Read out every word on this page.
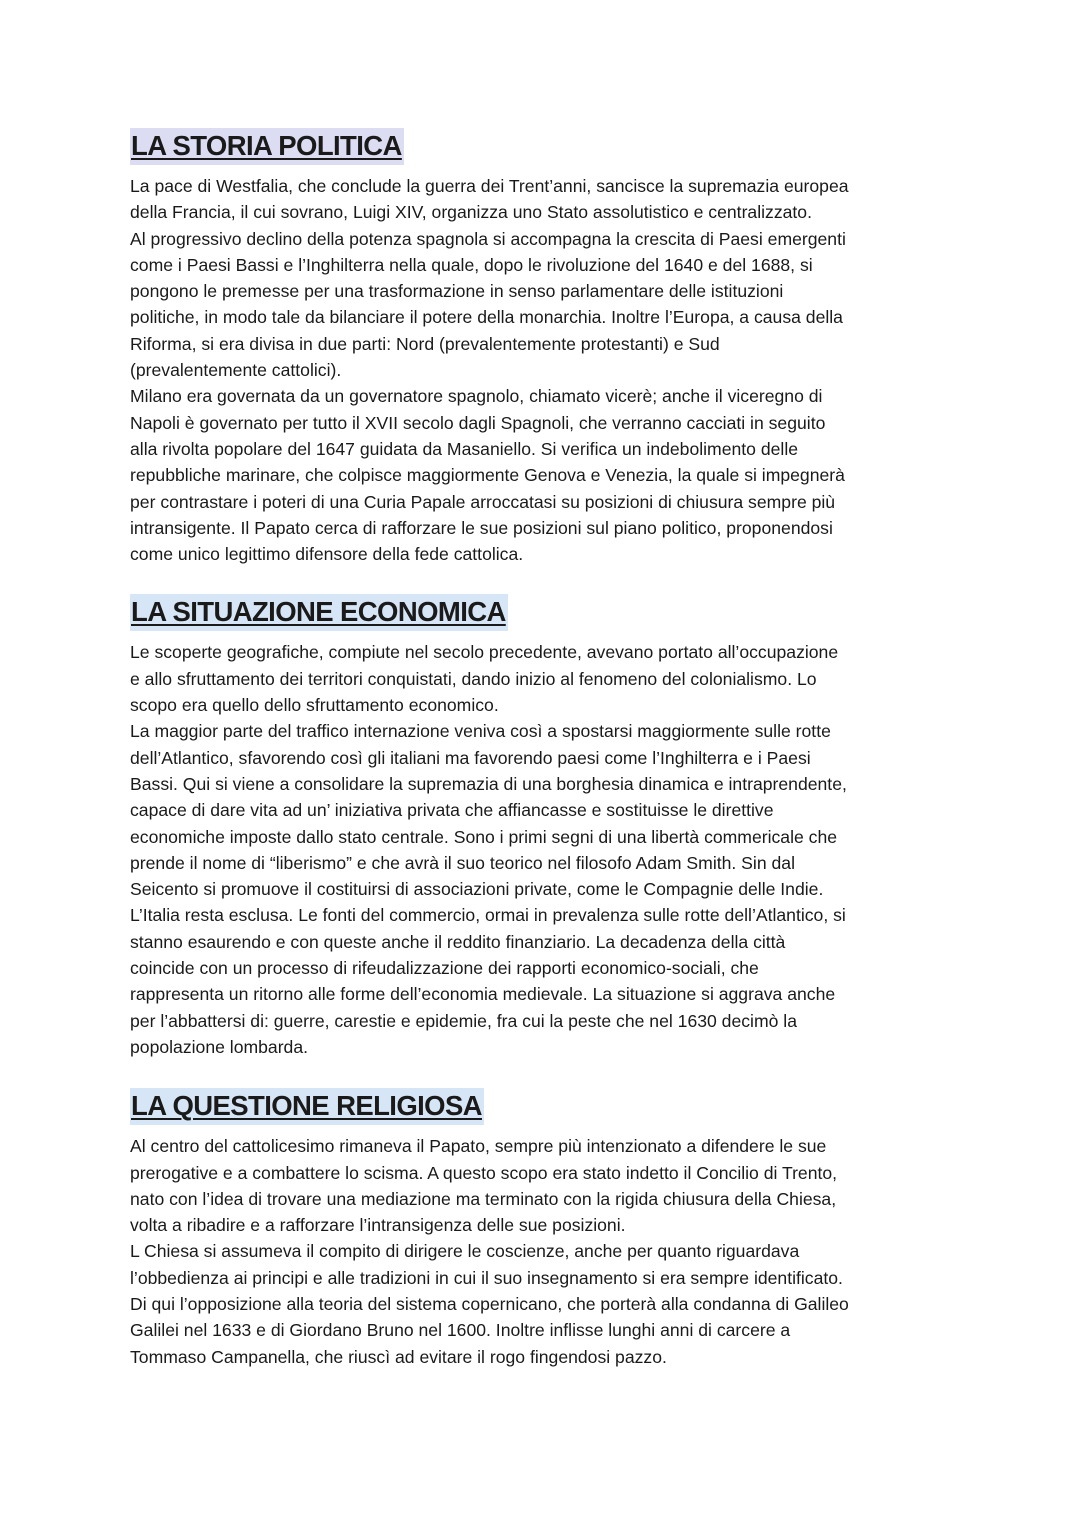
LA STORIA POLITICA
La pace di Westfalia, che conclude la guerra dei Trent’anni, sancisce la supremazia europea
della Francia, il cui sovrano, Luigi XIV, organizza uno Stato assolutistico e centralizzato.
Al progressivo declino della potenza spagnola si accompagna la crescita di Paesi emergenti
come i Paesi Bassi e l’Inghilterra nella quale, dopo le rivoluzione del 1640 e del 1688, si
pongono le premesse per una trasformazione in senso parlamentare delle istituzioni
politiche, in modo tale da bilanciare il potere della monarchia. Inoltre l’Europa, a causa della
Riforma, si era divisa in due parti: Nord (prevalentemente protestanti) e Sud
(prevalentemente cattolici).
Milano era governata da un governatore spagnolo, chiamato vicerè; anche il viceregno di
Napoli è governato per tutto il XVII secolo dagli Spagnoli, che verranno cacciati in seguito
alla rivolta popolare del 1647 guidata da Masaniello. Si verifica un indebolimento delle
repubbliche marinare, che colpisce maggiormente Genova e Venezia, la quale si impegnerà
per contrastare i poteri di una Curia Papale arroccatasi su posizioni di chiusura sempre più
intransigente. Il Papato cerca di rafforzare le sue posizioni sul piano politico, proponendosi
come unico legittimo difensore della fede cattolica.
LA SITUAZIONE ECONOMICA
Le scoperte geografiche, compiute nel secolo precedente, avevano portato all’occupazione
e allo sfruttamento dei territori conquistati, dando inizio al fenomeno del colonialismo. Lo
scopo era quello dello sfruttamento economico.
La maggior parte del traffico internazione veniva così a spostarsi maggiormente sulle rotte
dell’Atlantico, sfavorendo così gli italiani ma favorendo paesi come l’Inghilterra e i Paesi
Bassi. Qui si viene a consolidare la supremazia di una borghesia dinamica e intraprendente,
capace di dare vita ad un’ iniziativa privata che affiancasse e sostituisse le direttive
economiche imposte dallo stato centrale. Sono i primi segni di una libertà commericale che
prende il nome di “liberismo” e che avrà il suo teorico nel filosofo Adam Smith. Sin dal
Seicento si promuove il costituirsi di associazioni private, come le Compagnie delle Indie.
L’Italia resta esclusa. Le fonti del commercio, ormai in prevalenza sulle rotte dell’Atlantico, si
stanno esaurendo e con queste anche il reddito finanziario. La decadenza della città
coincide con un processo di rifeudalizzazione dei rapporti economico-sociali, che
rappresenta un ritorno alle forme dell’economia medievale. La situazione si aggrava anche
per l’abbattersi di: guerre, carestie e epidemie, fra cui la peste che nel 1630 decimò la
popolazione lombarda.
LA QUESTIONE RELIGIOSA
Al centro del cattolicesimo rimaneva il Papato, sempre più intenzionato a difendere le sue
prerogative e a combattere lo scisma. A questo scopo era stato indetto il Concilio di Trento,
nato con l’idea di trovare una mediazione ma terminato con la rigida chiusura della Chiesa,
volta a ribadire e a rafforzare l’intransigenza delle sue posizioni.
L Chiesa si assumeva il compito di dirigere le coscienze, anche per quanto riguardava
l’obbedienza ai principi e alle tradizioni in cui il suo insegnamento si era sempre identificato.
Di qui l’opposizione alla teoria del sistema copernicano, che porterà alla condanna di Galileo
Galilei nel 1633 e di Giordano Bruno nel 1600. Inoltre inflisse lunghi anni di carcere a
Tommaso Campanella, che riuscì ad evitare il rogo fingendosi pazzo.
